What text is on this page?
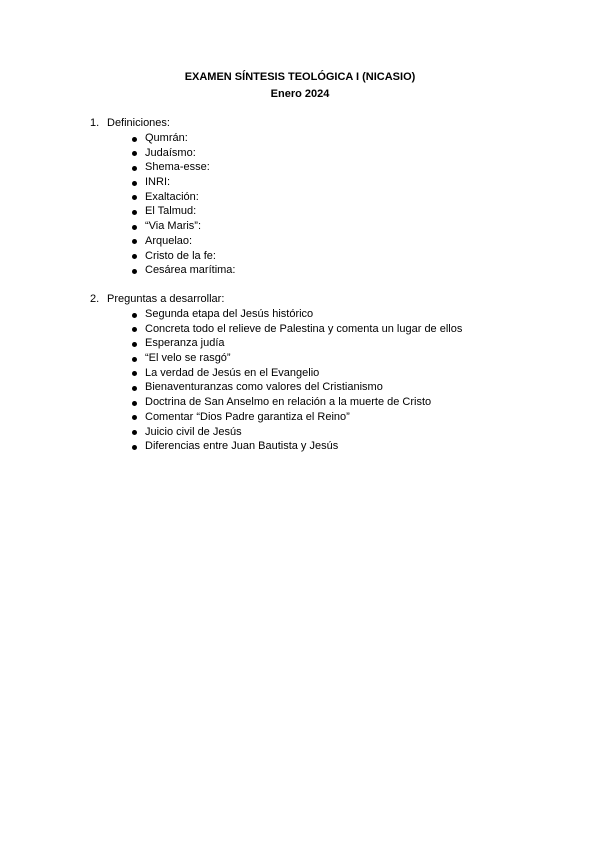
EXAMEN SÍNTESIS TEOLÓGICA I (NICASIO)
Enero 2024
1. Definiciones:
Qumrán:
Judaísmo:
Shema-esse:
INRI:
Exaltación:
El Talmud:
“Via Maris”:
Arquelao:
Cristo de la fe:
Cesárea marítima:
2. Preguntas a desarrollar:
Segunda etapa del Jesús histórico
Concreta todo el relieve de Palestina y comenta un lugar de ellos
Esperanza judía
“El velo se rasgó”
La verdad de Jesús en el Evangelio
Bienaventuranzas como valores del Cristianismo
Doctrina de San Anselmo en relación a la muerte de Cristo
Comentar “Dios Padre garantiza el Reino”
Juicio civil de Jesús
Diferencias entre Juan Bautista y Jesús
